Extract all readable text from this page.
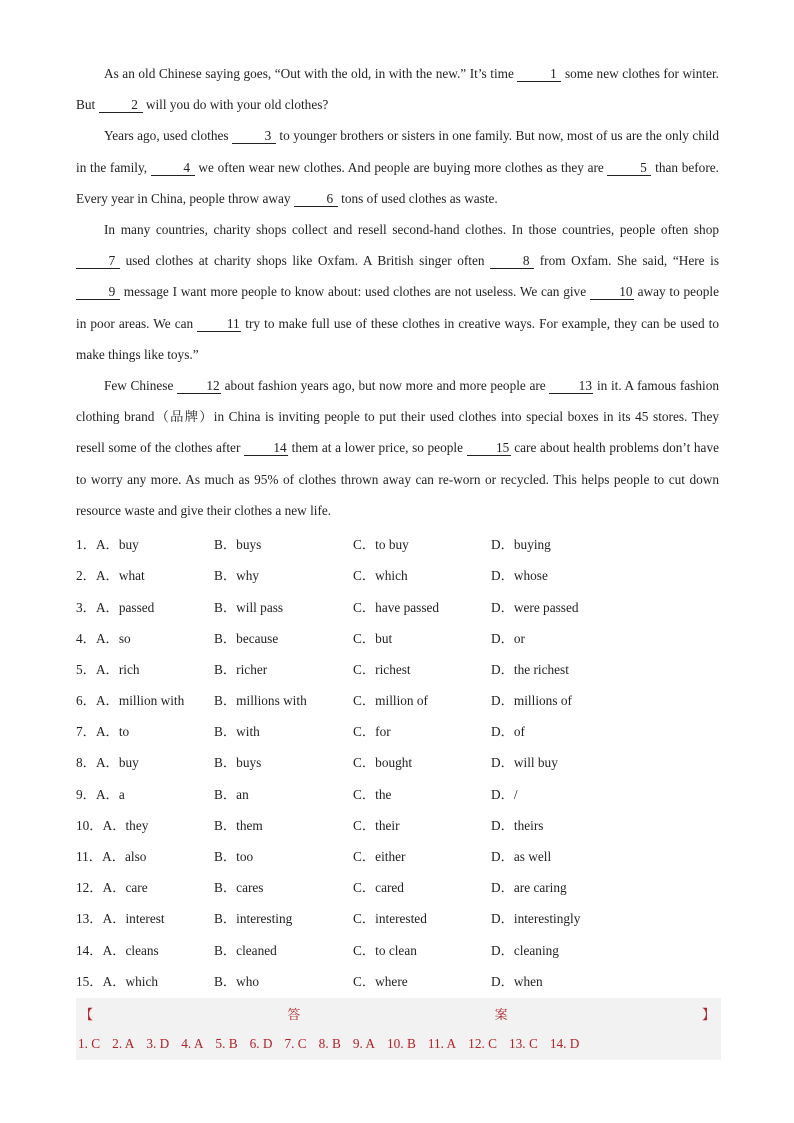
As an old Chinese saying goes, “Out with the old, in with the new.” It’s time 1 some new clothes for winter. But 2 will you do with your old clothes?

Years ago, used clothes 3 to younger brothers or sisters in one family. But now, most of us are the only child in the family, 4 we often wear new clothes. And people are buying more clothes as they are 5 than before. Every year in China, people throw away 6 tons of used clothes as waste.

In many countries, charity shops collect and resell second-hand clothes. In those countries, people often shop 7 used clothes at charity shops like Oxfam. A British singer often 8 from Oxfam. She said, “Here is 9 message I want more people to know about: used clothes are not useless. We can give 10 away to people in poor areas. We can 11 try to make full use of these clothes in creative ways. For example, they can be used to make things like toys.”

Few Chinese 12 about fashion years ago, but now more and more people are 13 in it. A famous fashion clothing brand（品牌）in China is inviting people to put their used clothes into special boxes in its 45 stores. They resell some of the clothes after 14 them at a lower price, so people 15 care about health problems don’t have to worry any more. As much as 95% of clothes thrown away can re-worn or recycled. This helps people to cut down resource waste and give their clothes a new life.

1．A．buy	B．buys	C．to buy	D．buying
2．A．what	B．why	C．which	D．whose
3．A．passed	B．will pass	C．have passed	D．were passed
4．A．so	B．because	C．but	D．or
5．A．rich	B．richer	C．richest	D．the richest
6．A．million with	B．millions with	C．million of	D．millions of
7．A．to	B．with	C．for	D．of
8．A．buy	B．buys	C．bought	D．will buy
9．A．a	B．an	C．the	D．/
10．A．they	B．them	C．their	D．theirs
11．A．also	B．too	C．either	D．as well
12．A．care	B．cares	C．cared	D．are caring
13．A．interest	B．interesting	C．interested	D．interestingly
14．A．cleans	B．cleaned	C．to clean	D．cleaning
15．A．which	B．who	C．where	D．when
【	答	案	】
1. C 2. A 3. D 4. A 5. B 6. D 7. C 8. B 9. A 10. B 11. A 12. C 13. C 14. D
